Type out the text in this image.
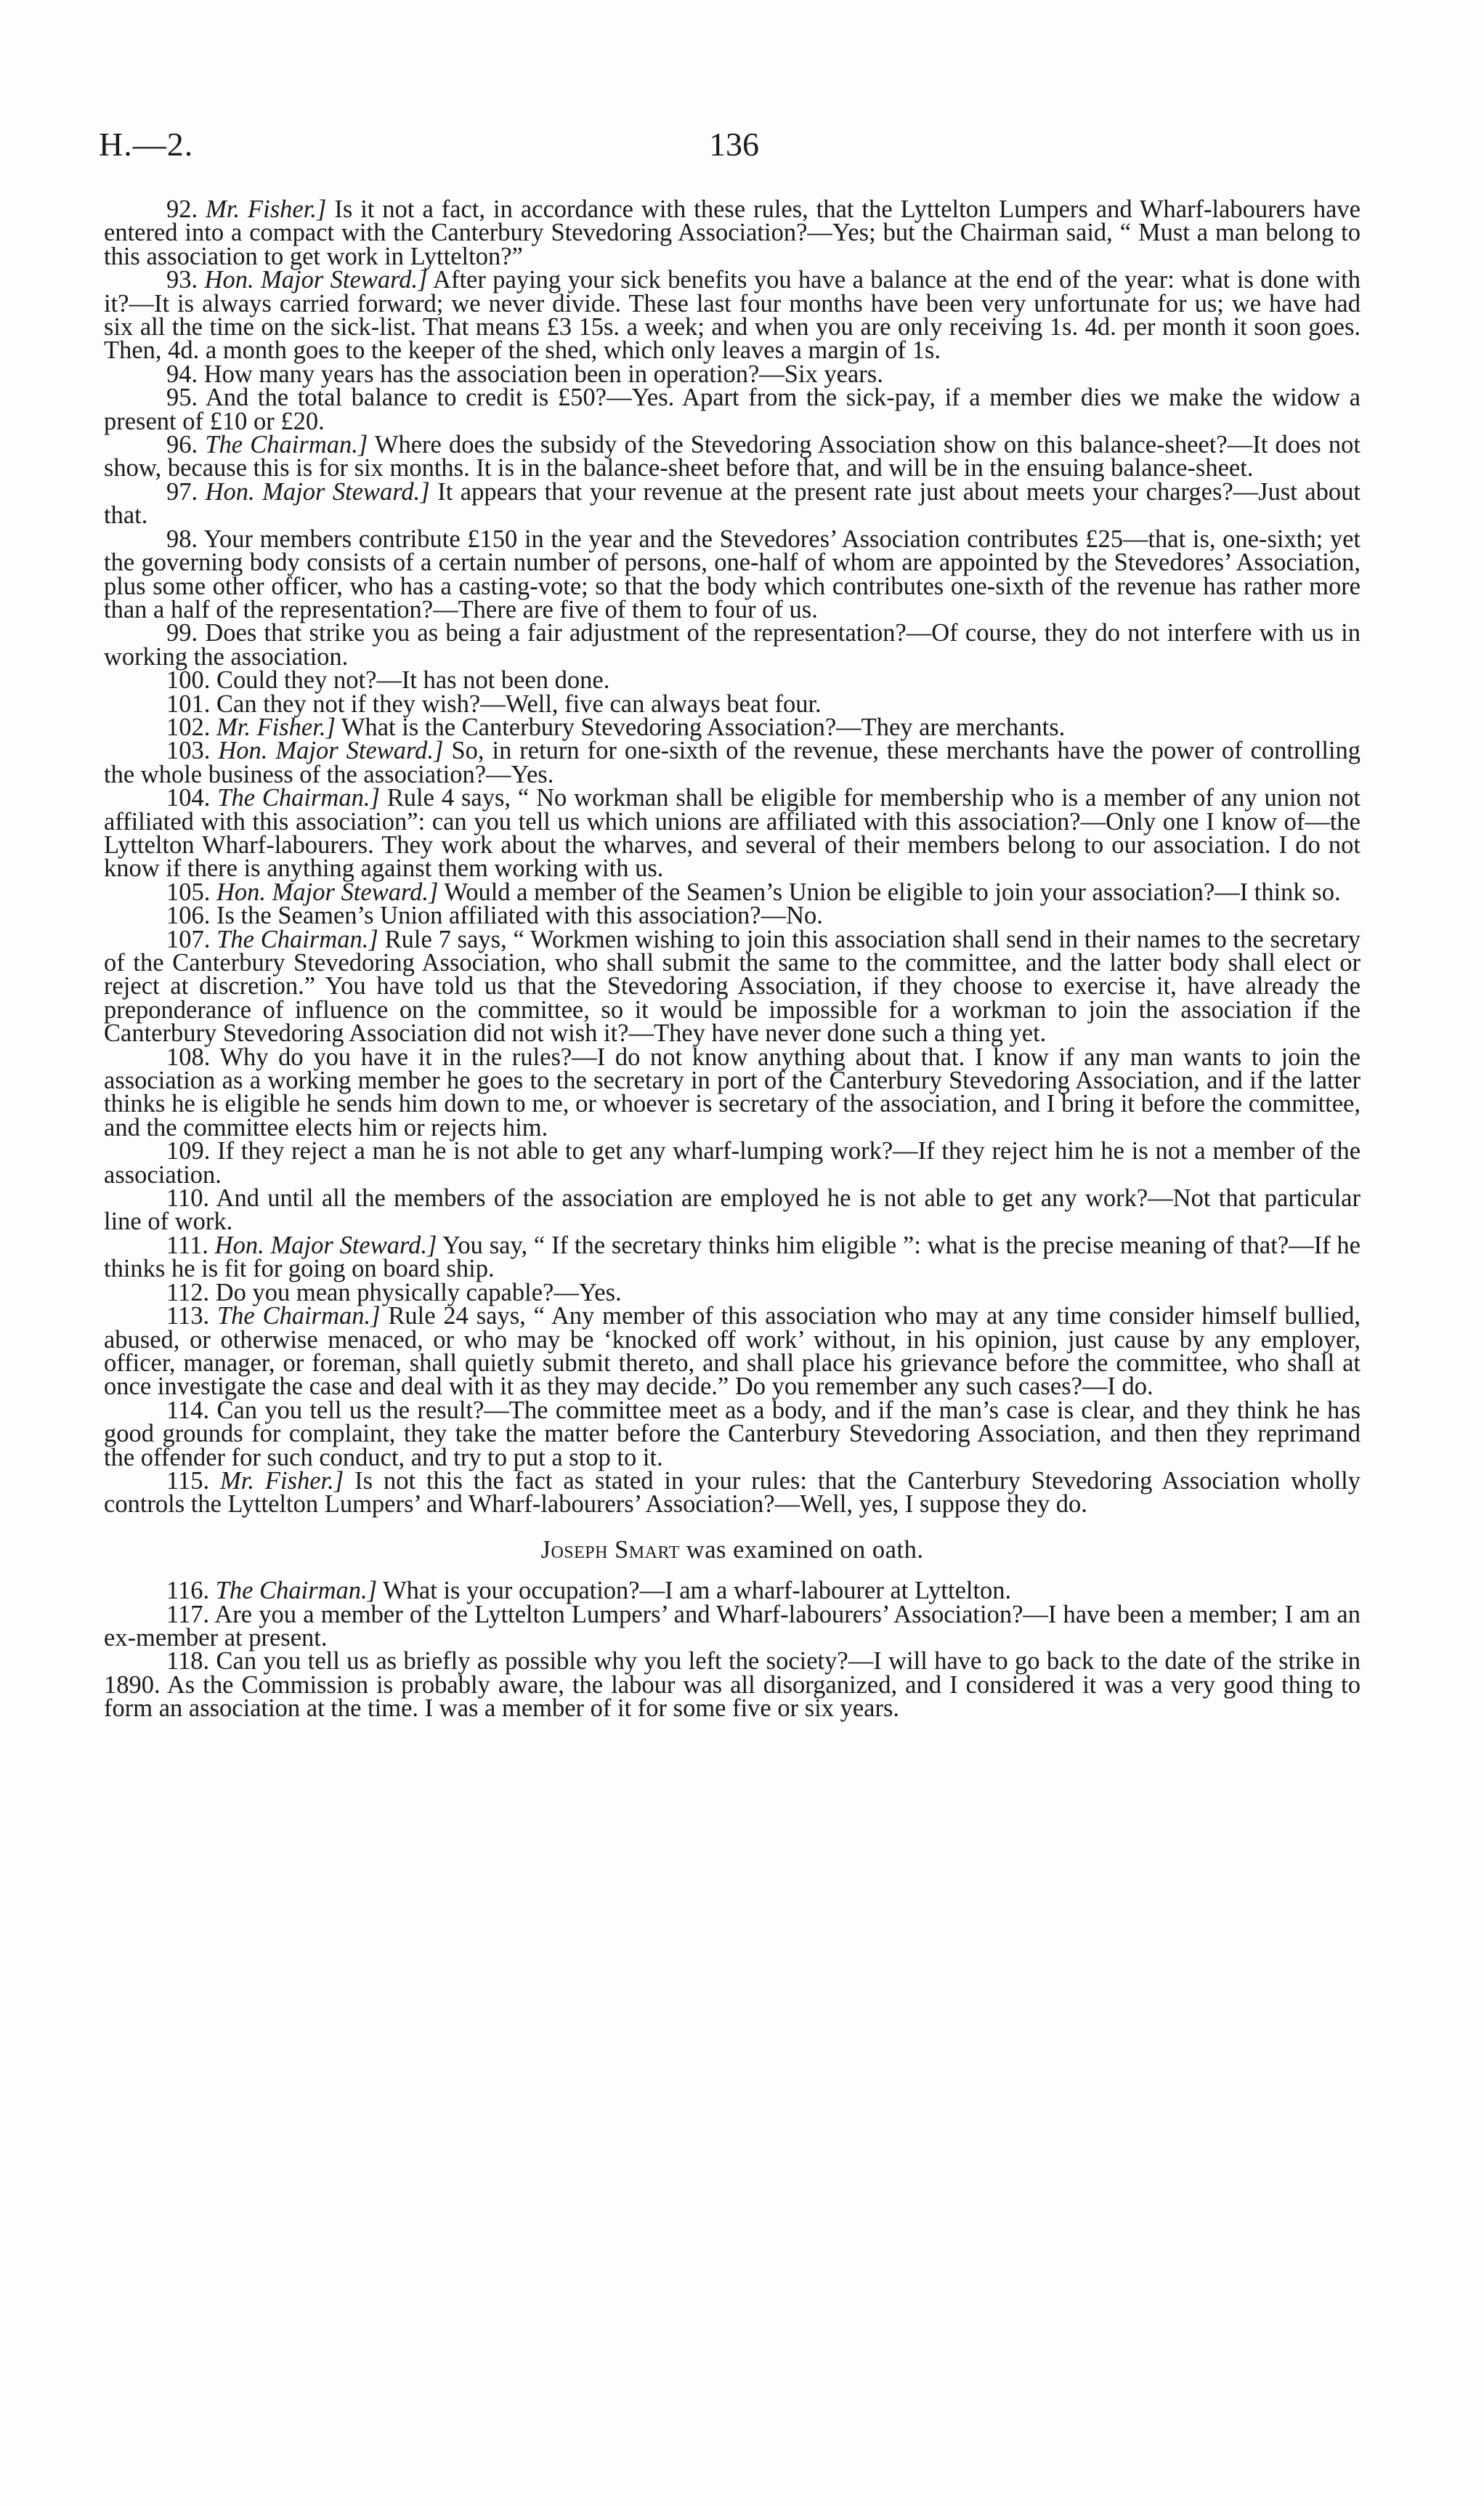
H.—2.	136

92. Mr. Fisher.] Is it not a fact, in accordance with these rules, that the Lyttelton Lumpers and Wharf-labourers have entered into a compact with the Canterbury Stevedoring Association?—Yes; but the Chairman said, “ Must a man belong to this association to get work in Lyttelton?”

93. Hon. Major Steward.] After paying your sick benefits you have a balance at the end of the year: what is done with it?—It is always carried forward; we never divide. These last four months have been very unfortunate for us; we have had six all the time on the sick-list. That means £3 15s. a week; and when you are only receiving 1s. 4d. per month it soon goes. Then, 4d. a month goes to the keeper of the shed, which only leaves a margin of 1s.

94. How many years has the association been in operation?—Six years.

95. And the total balance to credit is £50?—Yes. Apart from the sick-pay, if a member dies we make the widow a present of £10 or £20.

96. The Chairman.] Where does the subsidy of the Stevedoring Association show on this balance-sheet?—It does not show, because this is for six months. It is in the balance-sheet before that, and will be in the ensuing balance-sheet.

97. Hon. Major Steward.] It appears that your revenue at the present rate just about meets your charges?—Just about that.

98. Your members contribute £150 in the year and the Stevedores’ Association contributes £25—that is, one-sixth; yet the governing body consists of a certain number of persons, one-half of whom are appointed by the Stevedores’ Association, plus some other officer, who has a casting-vote; so that the body which contributes one-sixth of the revenue has rather more than a half of the representation?—There are five of them to four of us.

99. Does that strike you as being a fair adjustment of the representation?—Of course, they do not interfere with us in working the association.

100. Could they not?—It has not been done.

101. Can they not if they wish?—Well, five can always beat four.

102. Mr. Fisher.] What is the Canterbury Stevedoring Association?—They are merchants.

103. Hon. Major Steward.] So, in return for one-sixth of the revenue, these merchants have the power of controlling the whole business of the association?—Yes.

104. The Chairman.] Rule 4 says, “ No workman shall be eligible for membership who is a member of any union not affiliated with this association”: can you tell us which unions are affiliated with this association?—Only one I know of—the Lyttelton Wharf-labourers. They work about the wharves, and several of their members belong to our association. I do not know if there is anything against them working with us.

105. Hon. Major Steward.] Would a member of the Seamen’s Union be eligible to join your association?—I think so.

106. Is the Seamen’s Union affiliated with this association?—No.

107. The Chairman.] Rule 7 says, “ Workmen wishing to join this association shall send in their names to the secretary of the Canterbury Stevedoring Association, who shall submit the same to the committee, and the latter body shall elect or reject at discretion.” You have told us that the Stevedoring Association, if they choose to exercise it, have already the preponderance of influence on the committee, so it would be impossible for a workman to join the association if the Canterbury Stevedoring Association did not wish it?—They have never done such a thing yet.

108. Why do you have it in the rules?—I do not know anything about that. I know if any man wants to join the association as a working member he goes to the secretary in port of the Canterbury Stevedoring Association, and if the latter thinks he is eligible he sends him down to me, or whoever is secretary of the association, and I bring it before the committee, and the committee elects him or rejects him.

109. If they reject a man he is not able to get any wharf-lumping work?—If they reject him he is not a member of the association.

110. And until all the members of the association are employed he is not able to get any work?—Not that particular line of work.

111. Hon. Major Steward.] You say, “ If the secretary thinks him eligible ”: what is the precise meaning of that?—If he thinks he is fit for going on board ship.

112. Do you mean physically capable?—Yes.

113. The Chairman.] Rule 24 says, “ Any member of this association who may at any time consider himself bullied, abused, or otherwise menaced, or who may be ‘knocked off work’ without, in his opinion, just cause by any employer, officer, manager, or foreman, shall quietly submit thereto, and shall place his grievance before the committee, who shall at once investigate the case and deal with it as they may decide.” Do you remember any such cases?—I do.

114. Can you tell us the result?—The committee meet as a body, and if the man’s case is clear, and they think he has good grounds for complaint, they take the matter before the Canterbury Stevedoring Association, and then they reprimand the offender for such conduct, and try to put a stop to it.

115. Mr. Fisher.] Is not this the fact as stated in your rules: that the Canterbury Stevedoring Association wholly controls the Lyttelton Lumpers’ and Wharf-labourers’ Association?—Well, yes, I suppose they do.

Joseph Smart was examined on oath.

116. The Chairman.] What is your occupation?—I am a wharf-labourer at Lyttelton.

117. Are you a member of the Lyttelton Lumpers’ and Wharf-labourers’ Association?—I have been a member; I am an ex-member at present.

118. Can you tell us as briefly as possible why you left the society?—I will have to go back to the date of the strike in 1890. As the Commission is probably aware, the labour was all disorganized, and I considered it was a very good thing to form an association at the time. I was a member of it for some five or six years.
